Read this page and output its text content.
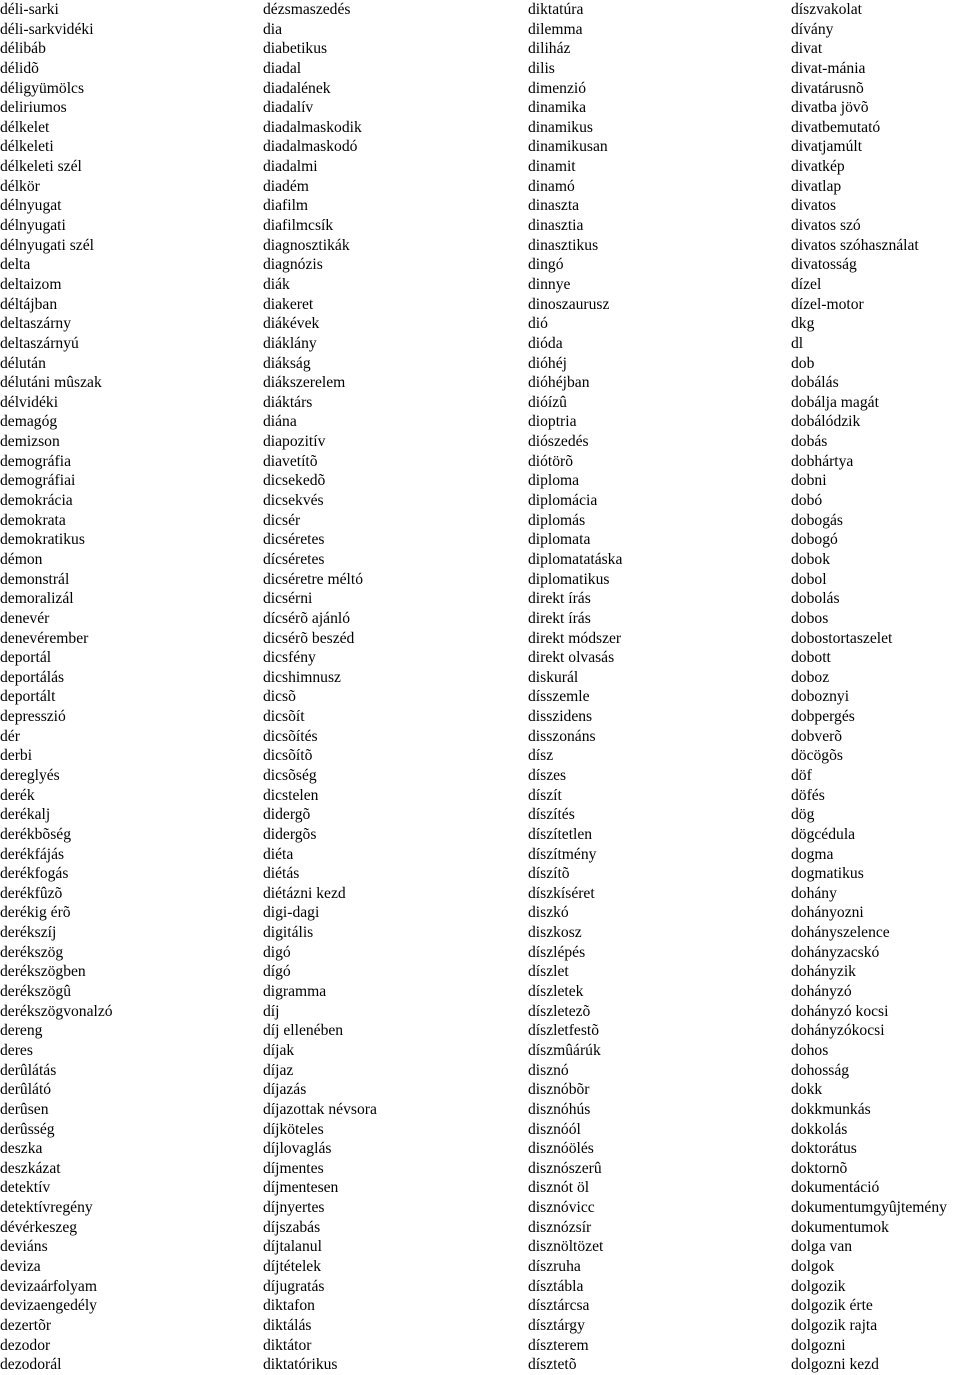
déli-sarki
déli-sarkvidéki
délibáb
délidõ
déligyümölcs
deliriumos
délkelet
délkeleti
délkeleti szél
délkör
délnyugat
délnyugati
délnyugati szél
delta
deltaizom
déltájban
deltaszárny
deltaszárnyú
délután
délutáni mûszak
délvidéki
demagóg
demizson
demográfia
demográfiai
demokrácia
demokrata
demokratikus
démon
demonstrál
demoralizál
denevér
denevérember
deportál
deportálás
deportált
depresszió
dér
derbi
dereglyés
derék
derékalj
derékbõség
derékfájás
derékfogás
derékfûzõ
derékig érõ
derékszíj
derékszög
derékszögben
derékszögû
derékszögvonalzó
dereng
deres
derûlátás
derûlátó
derûsen
derûsség
deszka
deszkázat
detektív
detektívregény
dévérkeszeg
deviáns
deviza
devizaárfolyam
devizaengedély
dezertõr
dezodor
dezodorál
dézsmaszedés
dia
diabetikus
diadal
diadalének
diadalív
diadalmaskodik
diadalmaskodó
diadalmi
diadém
diafilm
diafilmcsík
diagnosztikák
diagnózis
diák
diakeret
diákévek
diáklány
diákság
diákszerelem
diáktárs
diána
diapozitív
diavetítõ
dicsekedõ
dicsekvés
dicsér
dicséretes
dícséretes
dicséretre méltó
dicsérni
dícsérõ ajánló
dicsérõ beszéd
dicsfény
dicshimnusz
dicsõ
dicsõít
dicsõítés
dicsõítõ
dicsõség
dicstelen
didergõ
didergõs
diéta
diétás
diétázni kezd
digi-dagi
digitális
digó
dígó
digramma
díj
díj ellenében
díjak
díjaz
díjazás
díjazottak névsora
díjköteles
díjlovaglás
díjmentes
díjmentesen
díjnyertes
díjszabás
díjtalanul
díjtételek
díjugratás
diktafon
diktálás
diktátor
diktatórikus
diktatúra
dilemma
diliház
dilis
dimenzió
dinamika
dinamikus
dinamikusan
dinamit
dinamó
dinaszta
dinasztia
dinasztikus
dingó
dinnye
dinoszaurusz
dió
dióda
dióhéj
dióhéjban
dióízû
dioptria
diószedés
diótörõ
diploma
diplomácia
diplomás
diplomata
diplomatatáska
diplomatikus
direkt írás
direkt írás
direkt módszer
direkt olvasás
diskurál
dísszemle
disszidens
disszonáns
dísz
díszes
díszít
díszítés
díszítetlen
díszítmény
díszítõ
díszkíséret
diszkó
diszkosz
díszlépés
díszlet
díszletek
díszletezõ
díszletfestõ
díszmûárúk
disznó
disznóbõr
disznóhús
disznóól
disznóölés
disznószerû
disznót öl
disznóvicc
disznózsír
disznöltözet
díszruha
dísztábla
dísztárcsa
dísztárgy
díszterem
dísztetõ
díszvakolat
dívány
divat
divat-mánia
divatárusnõ
divatba jövõ
divatbemutató
divatjamúlt
divatkép
divatlap
divatos
divatos szó
divatos szóhasználat
divatosság
dízel
dízel-motor
dkg
dl
dob
dobálás
dobálja magát
dobálódzik
dobás
dobhártya
dobni
dobó
dobogás
dobogó
dobok
dobol
dobolás
dobos
dobostortaszelet
dobott
doboz
doboznyi
dobpergés
dobverõ
döcögõs
döf
döfés
dög
dögcédula
dogma
dogmatikus
dohány
dohányozni
dohányszelence
dohányzacskó
dohányzik
dohányzó
dohányzó kocsi
dohányzókocsi
dohos
dohosság
dokk
dokkmunkás
dokkolás
doktorátus
doktornõ
dokumentáció
dokumentumgyûjtemény
dokumentumok
dolga van
dolgok
dolgozik
dolgozik érte
dolgozik rajta
dolgozni
dolgozni kezd
